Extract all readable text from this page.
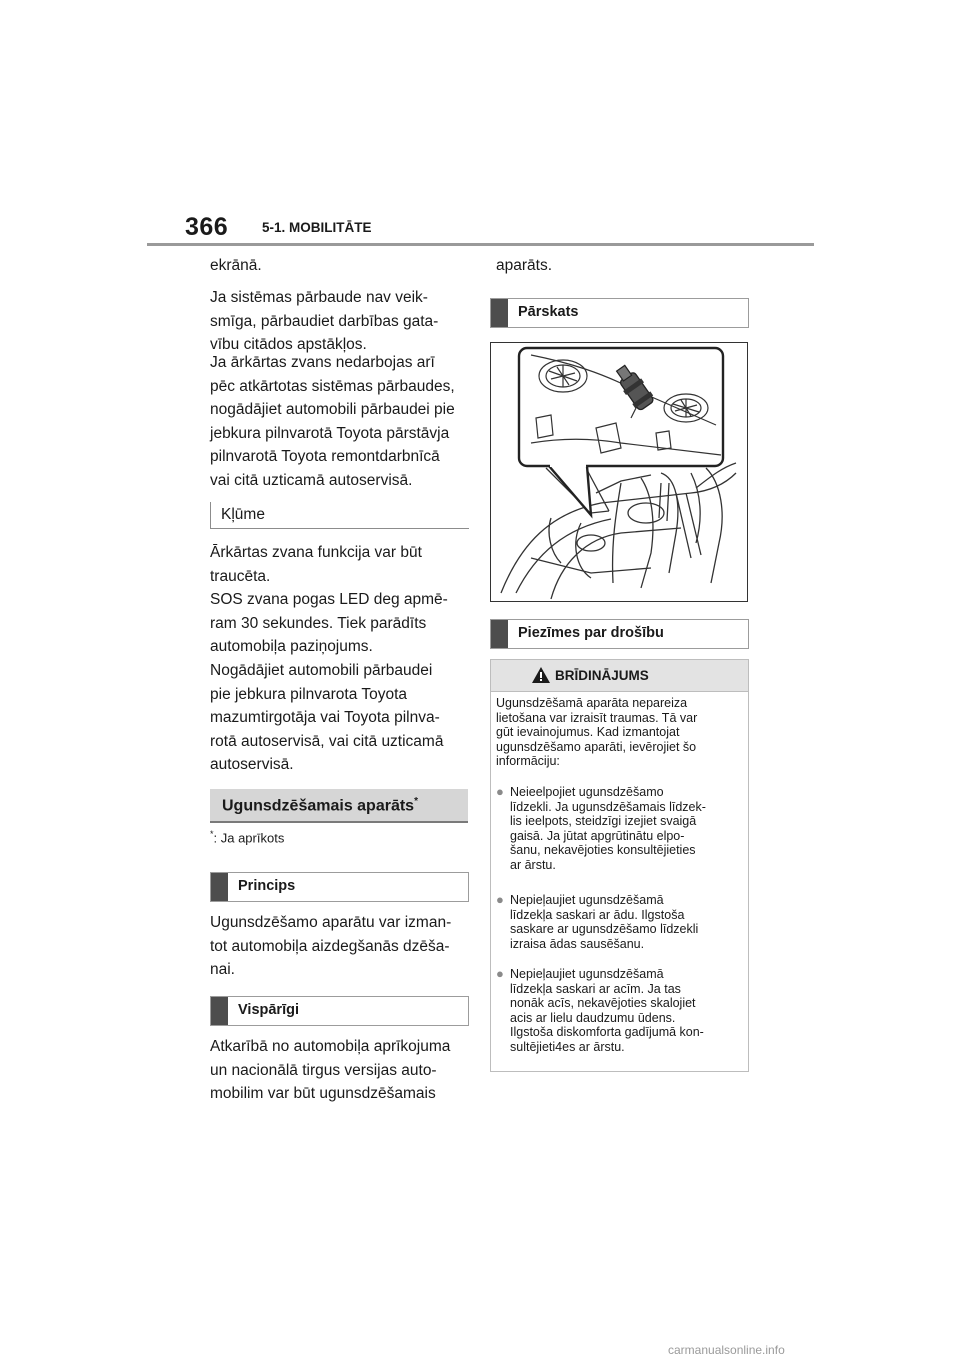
366	5-1. MOBILITĀTE

ekrānā.

Ja sistēmas pārbaude nav veik-
smīga, pārbaudiet darbības gata-
vību citādos apstākļos.

Ja ārkārtas zvans nedarbojas arī
pēc atkārtotas sistēmas pārbaudes,
nogādājiet automobili pārbaudei pie
jebkura pilnvarotā Toyota pārstāvja
pilnvarotā Toyota remontdarbnīcā
vai citā uzticamā autoservisā.

Kļūme

Ārkārtas zvana funkcija var būt
traucēta.

SOS zvana pogas LED deg apmē-
ram 30 sekundes. Tiek parādīts
automobiļa paziņojums.

Nogādājiet automobili pārbaudei
pie jebkura pilnvarota Toyota
mazumtirgotāja vai Toyota pilnva-
rotā autoservisā, vai citā uzticamā
autoservisā.

Ugunsdzēšamais aparāts*
*: Ja aprīkots
Princips

Ugunsdzēšamo aparātu var izman-
tot automobiļa aizdegšanās dzēša-
nai.

Vispārīgi

Atkarībā no automobiļa aprīkojuma
un nacionālā tirgus versijas auto-
mobilim var būt ugunsdzēšamais

aparāts.

Pārskats
Piezīmes par drošību
BRĪDINĀJUMS
Ugunsdzēšamā aparāta nepareiza
lietošana var izraisīt traumas. Tā var
gūt ievainojumus. Kad izmantojat
ugunsdzēšamo aparāti, ievērojiet šo
informāciju:
● Neieelpojiet ugunsdzēšamo
līdzekli. Ja ugunsdzēšamais līdzek-
lis ieelpots, steidzīgi izejiet svaigā
gaisā. Ja jūtat apgrūtinātu elpo-
šanu, nekavējoties konsultējieties
ar ārstu.
● Nepieļaujiet ugunsdzēšamā
līdzekļa saskari ar ādu. Ilgstoša
saskare ar ugunsdzēšamo līdzekli
izraisa ādas sausēšanu.
● Nepieļaujiet ugunsdzēšamā
līdzekļa saskari ar acīm. Ja tas
nonāk acīs, nekavējoties skalojiet
acis ar lielu daudzumu ūdens.
Ilgstoša diskomforta gadījumā kon-
sultējieti4es ar ārstu.
carmanualsonline.info
